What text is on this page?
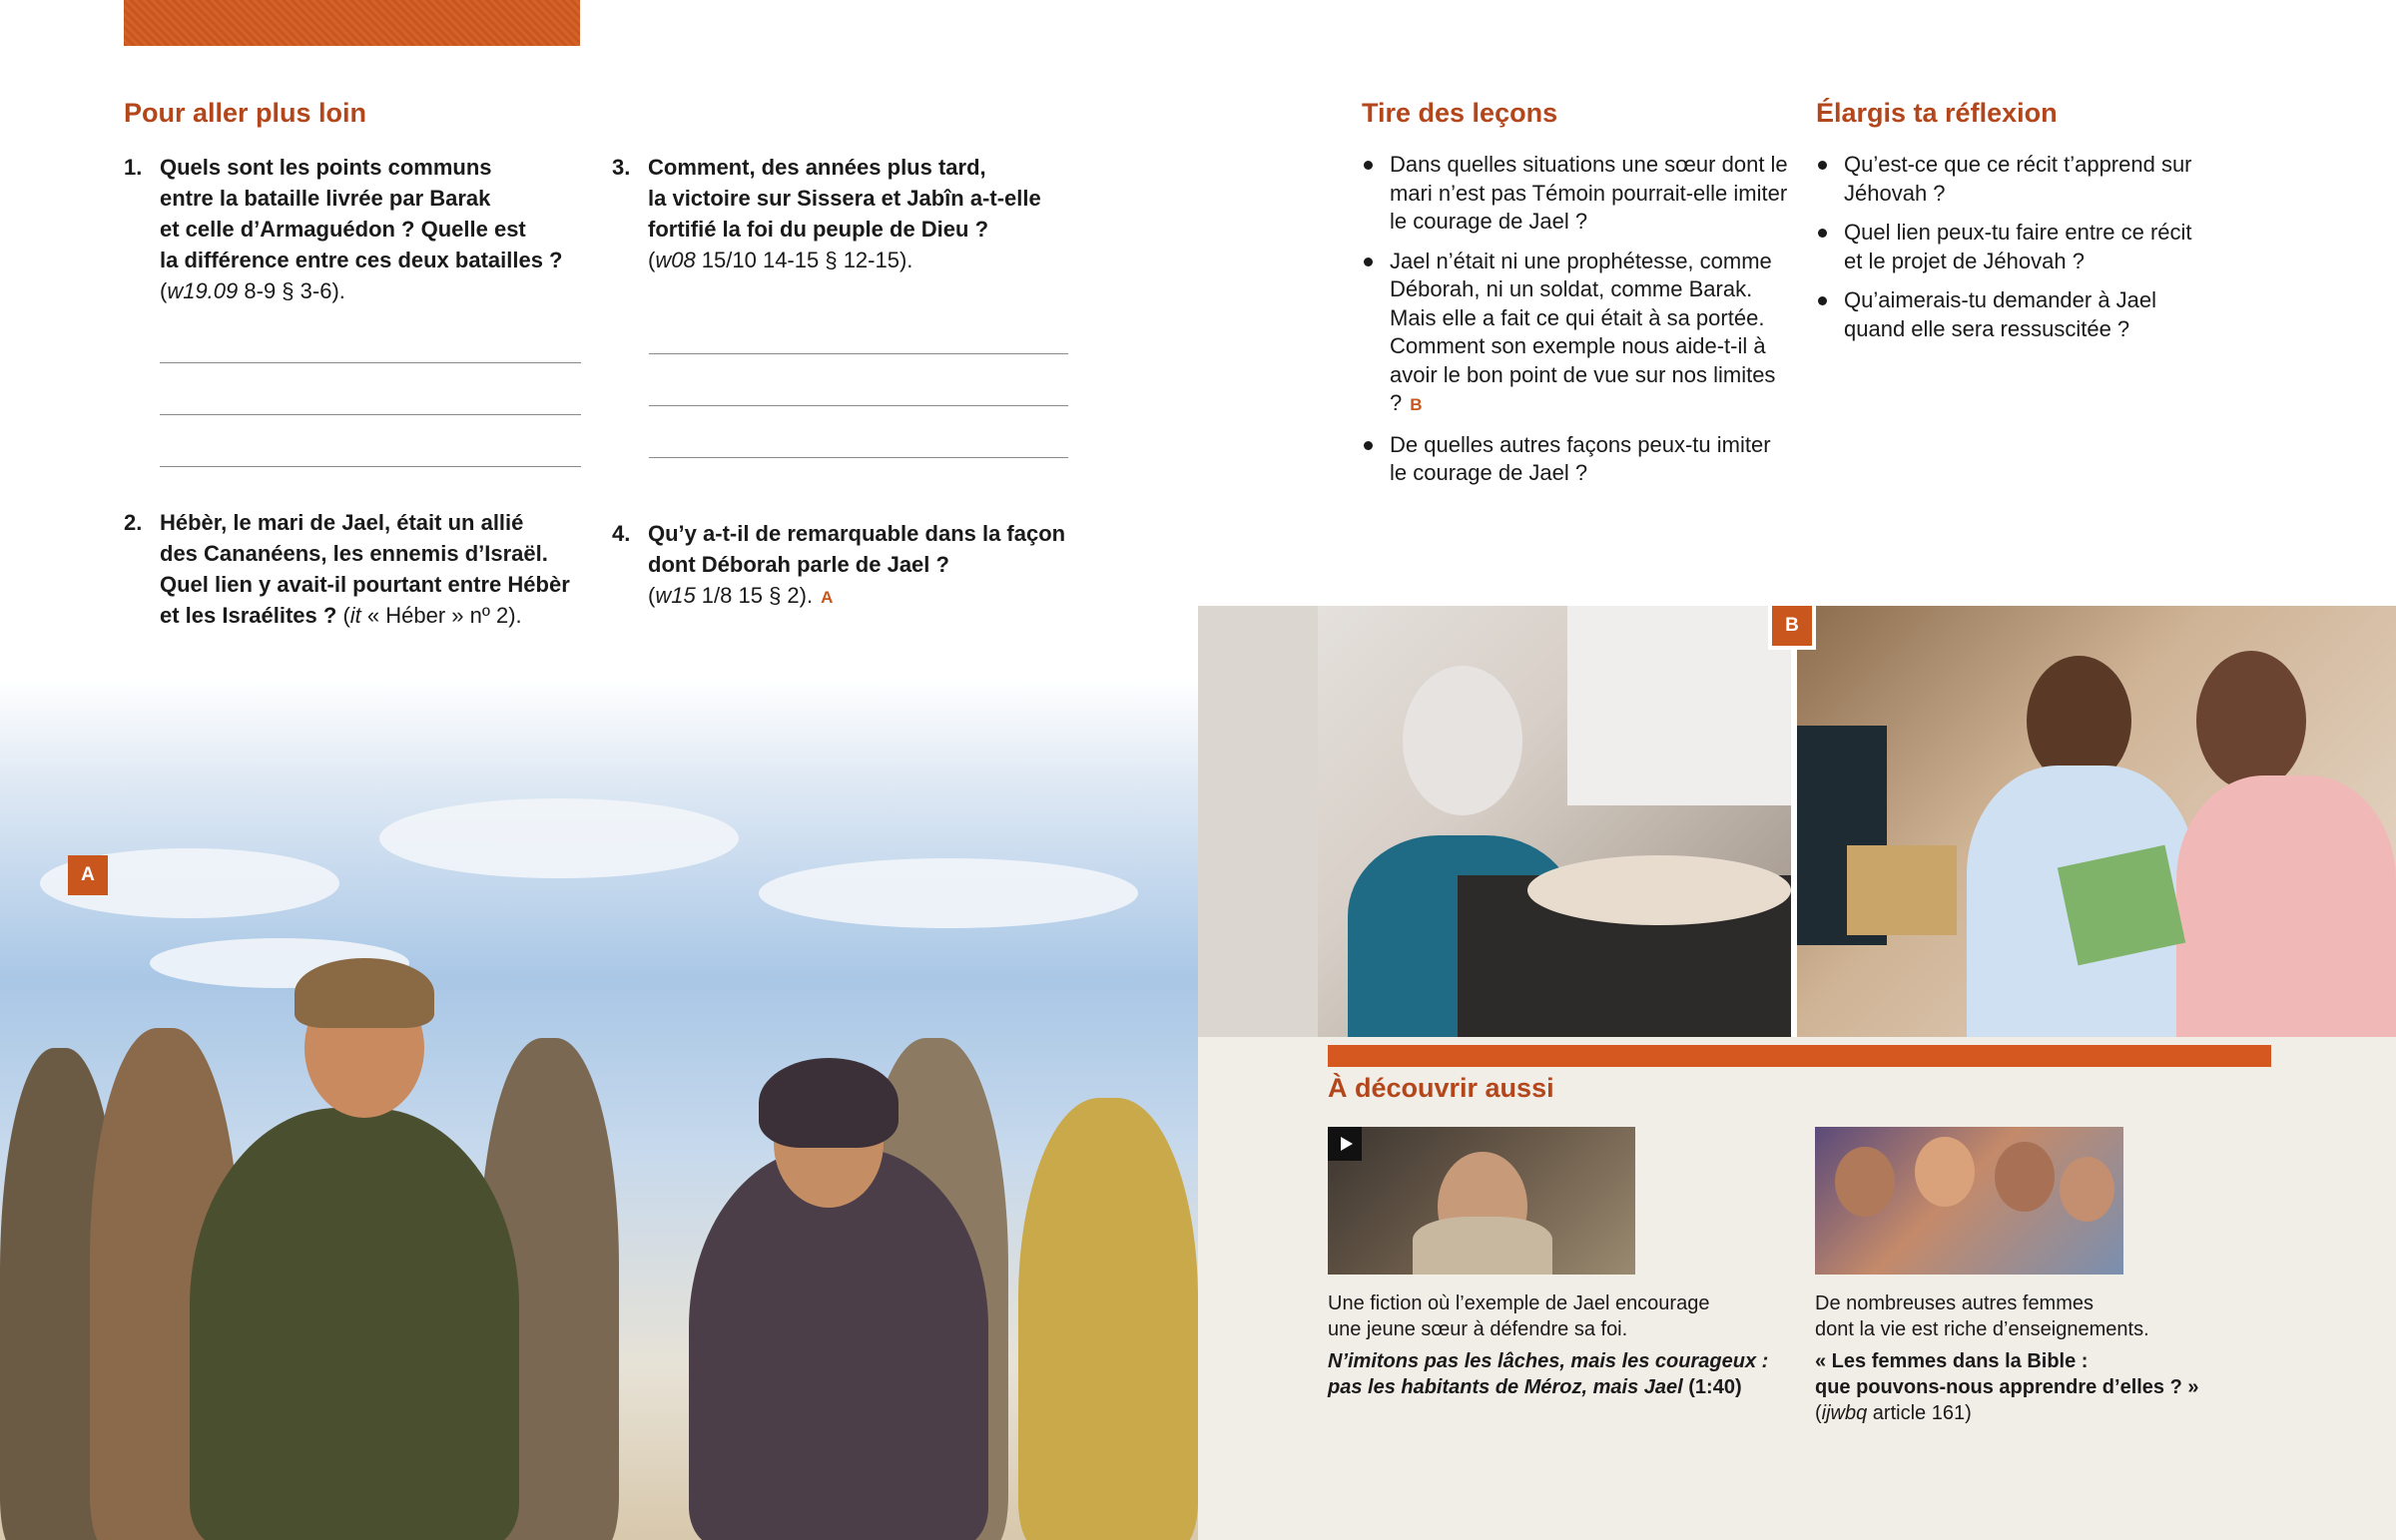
Pour aller plus loin
1. Quels sont les points communs
entre la bataille livrée par Barak
et celle d’Armaguédon ? Quelle est
la différence entre ces deux batailles ?
(w19.09 8-9 § 3-6).
2. Hébèr, le mari de Jael, était un allié
des Cananéens, les ennemis d’Israël.
Quel lien y avait-il pourtant entre Hébèr
et les Israélites ? (it « Héber » nº 2).
3. Comment, des années plus tard,
la victoire sur Sissera et Jabîn a-t-elle
fortifié la foi du peuple de Dieu ?
(w08 15/10 14-15 § 12-15).
4. Qu’y a-t-il de remarquable dans la façon
dont Déborah parle de Jael ?
(w15 1/8 15 § 2). A
A
Tire des leçons
Dans quelles situations une sœur dont le mari n’est pas Témoin pourrait-elle imiter le courage de Jael ?
Jael n’était ni une prophétesse, comme Déborah, ni un soldat, comme Barak. Mais elle a fait ce qui était à sa portée. Comment son exemple nous aide-t-il à avoir le bon point de vue sur nos limites ? B
De quelles autres façons peux-tu imiter le courage de Jael ?
Élargis ta réflexion
Qu’est-ce que ce récit t’apprend sur Jéhovah ?
Quel lien peux-tu faire entre ce récit et le projet de Jéhovah ?
Qu’aimerais-tu demander à Jael quand elle sera ressuscitée ?
B
À découvrir aussi
Une fiction où l’exemple de Jael encourage
une jeune sœur à défendre sa foi.
N’imitons pas les lâches, mais les courageux :
pas les habitants de Méroz, mais Jael (1:40)
De nombreuses autres femmes
dont la vie est riche d’enseignements.
« Les femmes dans la Bible :
que pouvons-nous apprendre d’elles ? »
(ijwbq article 161)
